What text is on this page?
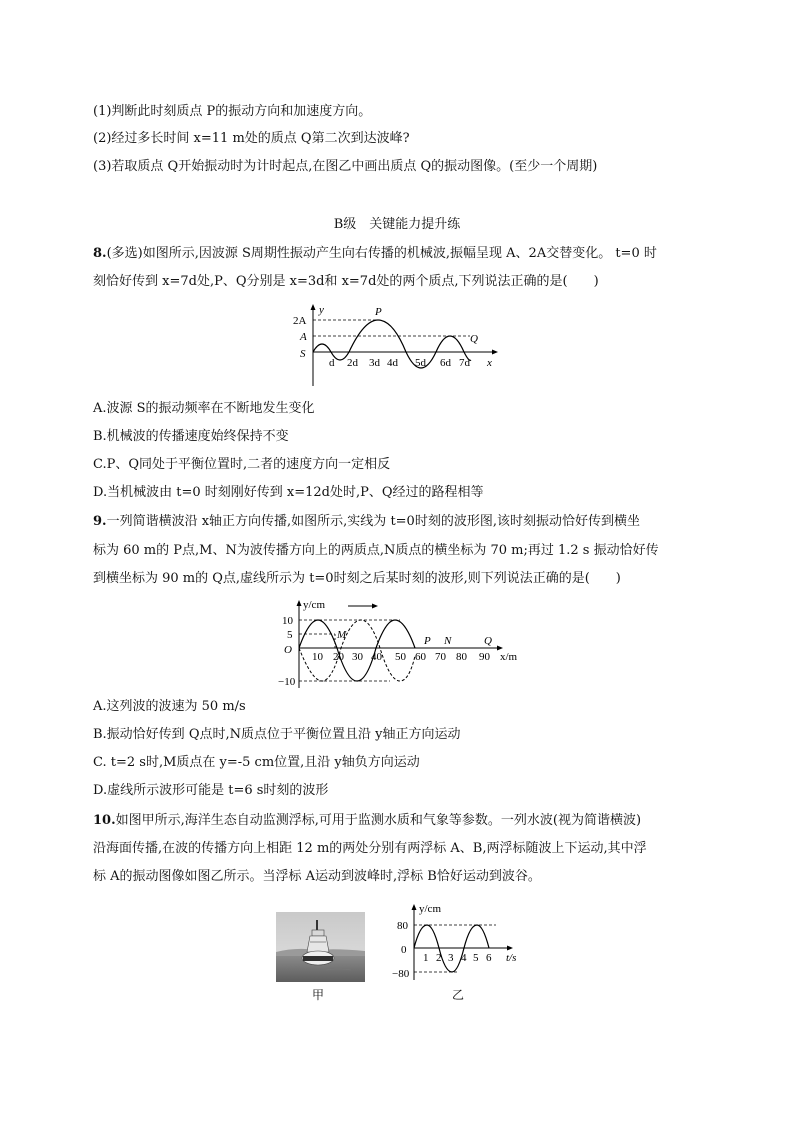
(1)判断此时刻质点 P的振动方向和加速度方向。
(2)经过多长时间 x=11 m处的质点 Q第二次到达波峰?
(3)若取质点 Q开始振动时为计时起点,在图乙中画出质点 Q的振动图像。(至少一个周期)
B级　关键能力提升练
8.(多选)如图所示,因波源 S周期性振动产生向右传播的机械波,振幅呈现 A、2A交替变化。 t=0 时
刻恰好传到 x=7d处,P、Q分别是 x=3d和 x=7d处的两个质点,下列说法正确的是(　　)
y
x
2A
A
S
d 2d 3d 4d 5d 6d 7d
P
Q
A.波源 S的振动频率在不断地发生变化
B.机械波的传播速度始终保持不变
C.P、Q同处于平衡位置时,二者的速度方向一定相反
D.当机械波由 t=0 时刻刚好传到 x=12d处时,P、Q经过的路程相等
9.一列简谐横波沿 x轴正方向传播,如图所示,实线为 t=0时刻的波形图,该时刻振动恰好传到横坐
标为 60 m的 P点,M、N为波传播方向上的两质点,N质点的横坐标为 70 m;再过 1.2 s 振动恰好传
到横坐标为 90 m的 Q点,虚线所示为 t=0时刻之后某时刻的波形,则下列说法正确的是(　　)
y/cm
x/m
10
5
O
−10
10 20 30 40 50 60 70 80 90
M	P N	Q
A.这列波的波速为 50 m/s
B.振动恰好传到 Q点时,N质点位于平衡位置且沿 y轴正方向运动
C. t=2 s时,M质点在 y=-5 cm位置,且沿 y轴负方向运动
D.虚线所示波形可能是 t=6 s时刻的波形
10.如图甲所示,海洋生态自动监测浮标,可用于监测水质和气象等参数。一列水波(视为简谐横波)
沿海面传播,在波的传播方向上相距 12 m的两处分别有两浮标 A、B,两浮标随波上下运动,其中浮
标 A的振动图像如图乙所示。当浮标 A运动到波峰时,浮标 B恰好运动到波谷。
甲
y/cm
t/s
80
0
−80
1 2 3 4 5 6
乙
